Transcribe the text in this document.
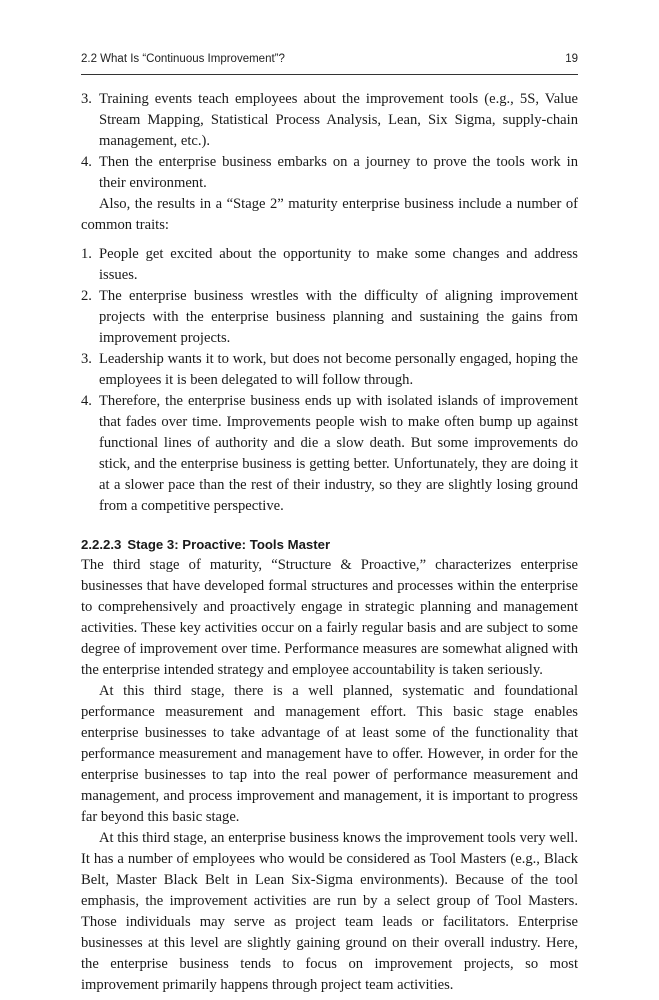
2.2 What Is “Continuous Improvement”?	19
3. Training events teach employees about the improvement tools (e.g., 5S, Value Stream Mapping, Statistical Process Analysis, Lean, Six Sigma, supply-chain management, etc.).
4. Then the enterprise business embarks on a journey to prove the tools work in their environment.

Also, the results in a “Stage 2” maturity enterprise business include a number of common traits:

1. People get excited about the opportunity to make some changes and address issues.
2. The enterprise business wrestles with the difficulty of aligning improvement projects with the enterprise business planning and sustaining the gains from improvement projects.
3. Leadership wants it to work, but does not become personally engaged, hoping the employees it is been delegated to will follow through.
4. Therefore, the enterprise business ends up with isolated islands of improvement that fades over time. Improvements people wish to make often bump up against functional lines of authority and die a slow death. But some improvements do stick, and the enterprise business is getting better. Unfortunately, they are doing it at a slower pace than the rest of their industry, so they are slightly losing ground from a competitive perspective.
2.2.2.3 Stage 3: Proactive: Tools Master

The third stage of maturity, “Structure & Proactive,” characterizes enterprise businesses that have developed formal structures and processes within the enterprise to comprehensively and proactively engage in strategic planning and management activities. These key activities occur on a fairly regular basis and are subject to some degree of improvement over time. Performance measures are somewhat aligned with the enterprise intended strategy and employee accountability is taken seriously.

At this third stage, there is a well planned, systematic and foundational performance measurement and management effort. This basic stage enables enterprise businesses to take advantage of at least some of the functionality that performance measurement and management have to offer. However, in order for the enterprise businesses to tap into the real power of performance measurement and management, and process improvement and management, it is important to progress far beyond this basic stage.

At this third stage, an enterprise business knows the improvement tools very well. It has a number of employees who would be considered as Tool Masters (e.g., Black Belt, Master Black Belt in Lean Six-Sigma environments). Because of the tool emphasis, the improvement activities are run by a select group of Tool Masters. Those individuals may serve as project team leads or facilitators. Enterprise businesses at this level are slightly gaining ground on their overall industry. Here, the enterprise business tends to focus on improvement projects, so most improvement primarily happens through project team activities.
